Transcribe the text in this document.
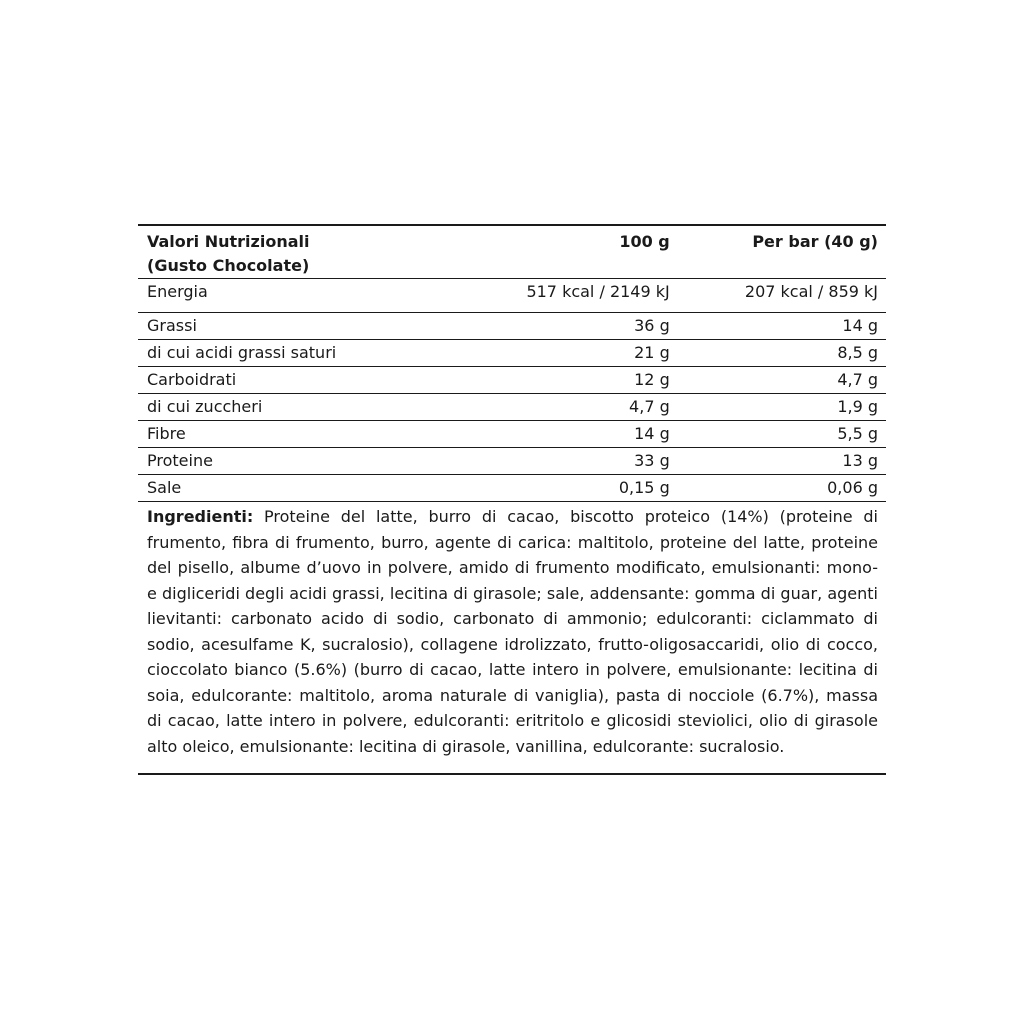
Valori Nutrizionali (Gusto Chocolate)	100 g	Per bar (40 g)
Energia	517 kcal / 2149 kJ	207 kcal / 859 kJ
Grassi	36 g	14 g
di cui acidi grassi saturi	21 g	8,5 g
Carboidrati	12 g	4,7 g
di cui zuccheri	4,7 g	1,9 g
Fibre	14 g	5,5 g
Proteine	33 g	13 g
Sale	0,15 g	0,06 g
Ingredienti: Proteine del latte, burro di cacao, biscotto proteico (14%) (proteine di frumento, fibra di frumento, burro, agente di carica: maltitolo, proteine del latte, proteine del pisello, albume d’uovo in polvere, amido di frumento modificato, emulsionanti: mono- e digliceridi degli acidi grassi, lecitina di girasole; sale, addensante: gomma di guar, agenti lievitanti: carbonato acido di sodio, carbonato di ammonio; edulcoranti: ciclammato di sodio, acesulfame K, sucralosio), collagene idrolizzato, frutto-oligosaccaridi, olio di cocco, cioccolato bianco (5.6%) (burro di cacao, latte intero in polvere, emulsionante: lecitina di soia, edulcorante: maltitolo, aroma naturale di vaniglia), pasta di nocciole (6.7%), massa di cacao, latte intero in polvere, edulcoranti: eritritolo e glicosidi steviolici, olio di girasole alto oleico, emulsionante: lecitina di girasole, vanillina, edulcorante: sucralosio.
